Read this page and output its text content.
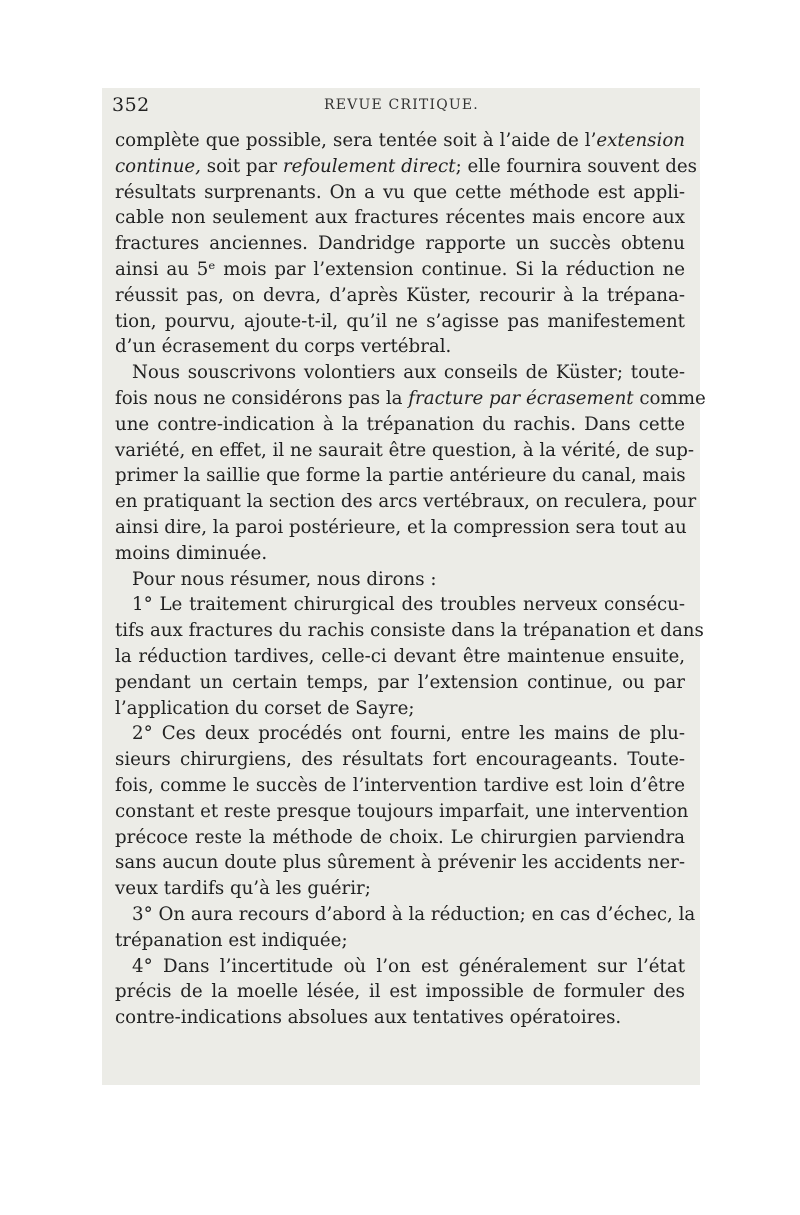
352	REVUE CRITIQUE.
complète que possible, sera tentée soit à l’aide de l’extension
continue, soit par refoulement direct; elle fournira souvent des
résultats surprenants. On a vu que cette méthode est appli-
cable non seulement aux fractures récentes mais encore aux
fractures anciennes. Dandridge rapporte un succès obtenu
ainsi au 5ᵉ mois par l’extension continue. Si la réduction ne
réussit pas, on devra, d’après Küster, recourir à la trépana-
tion, pourvu, ajoute-t-il, qu’il ne s’agisse pas manifestement
d’un écrasement du corps vertébral.
Nous souscrivons volontiers aux conseils de Küster; toute-
fois nous ne considérons pas la fracture par écrasement comme
une contre-indication à la trépanation du rachis. Dans cette
variété, en effet, il ne saurait être question, à la vérité, de sup-
primer la saillie que forme la partie antérieure du canal, mais
en pratiquant la section des arcs vertébraux, on reculera, pour
ainsi dire, la paroi postérieure, et la compression sera tout au
moins diminuée.
Pour nous résumer, nous dirons :
1° Le traitement chirurgical des troubles nerveux consécu-
tifs aux fractures du rachis consiste dans la trépanation et dans
la réduction tardives, celle-ci devant être maintenue ensuite,
pendant un certain temps, par l’extension continue, ou par
l’application du corset de Sayre;
2° Ces deux procédés ont fourni, entre les mains de plu-
sieurs chirurgiens, des résultats fort encourageants. Toute-
fois, comme le succès de l’intervention tardive est loin d’être
constant et reste presque toujours imparfait, une intervention
précoce reste la méthode de choix. Le chirurgien parviendra
sans aucun doute plus sûrement à prévenir les accidents ner-
veux tardifs qu’à les guérir;
3° On aura recours d’abord à la réduction; en cas d’échec, la
trépanation est indiquée;
4° Dans l’incertitude où l’on est généralement sur l’état
précis de la moelle lésée, il est impossible de formuler des
contre-indications absolues aux tentatives opératoires.
